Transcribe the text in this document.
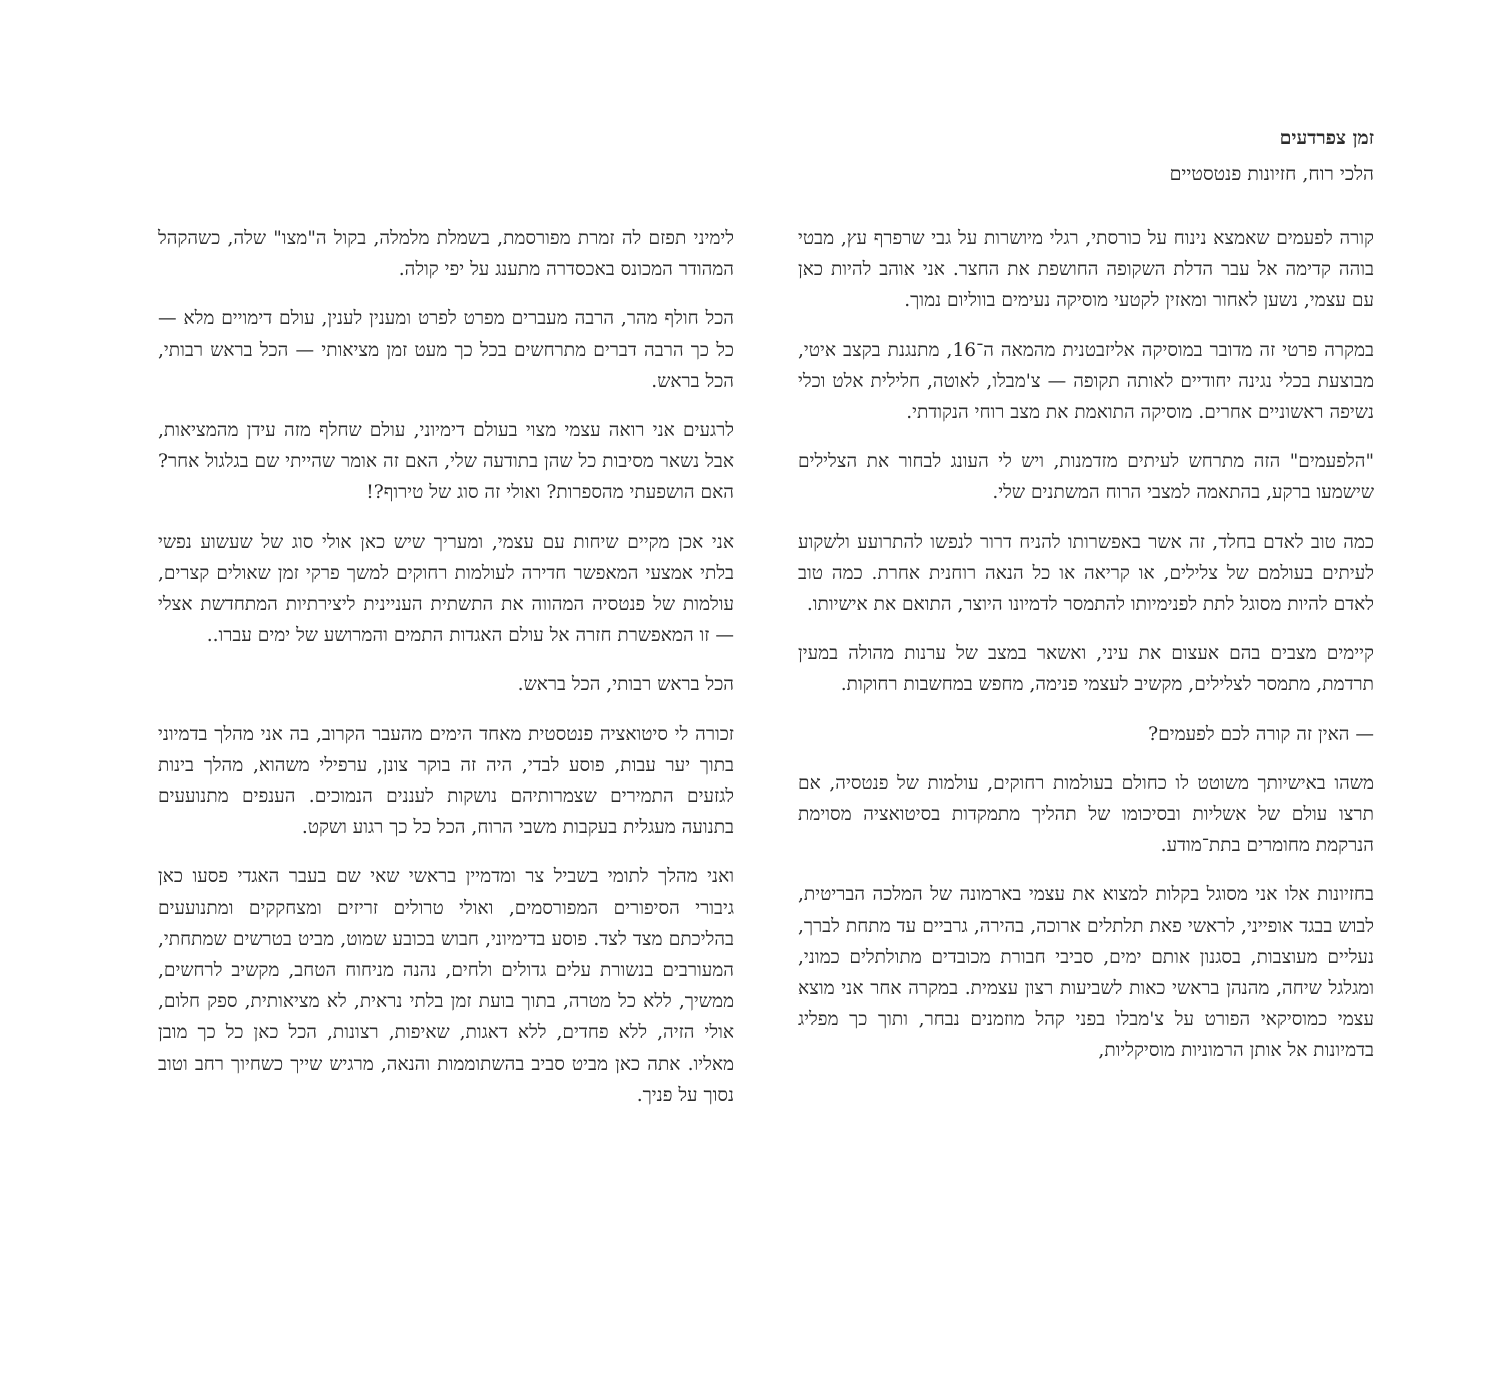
זמן צפרדעים

הלכי רוח, חזיונות פנטסטיים

קורה לפעמים שאמצא נינוח על כורסתי, רגלי מיושרות על גבי שרפרף עץ, מבטי בוהה קדימה אל עבר הדלת השקופה החושפת את החצר. אני אוהב להיות כאן עם עצמי, נשען לאחור ומאזין לקטעי מוסיקה נעימים בווליום נמוך.

במקרה פרטי זה מדובר במוסיקה אליזבטנית מהמאה ה־16, מתנגנת בקצב איטי, מבוצעת בכלי נגינה יחודיים לאותה תקופה — צ'מבלו, לאוטה, חלילית אלט וכלי נשיפה ראשוניים אחרים. מוסיקה התואמת את מצב רוחי הנקודתי.

"הלפעמים" הזה מתרחש לעיתים מזדמנות, ויש לי העונג לבחור את הצלילים שישמעו ברקע, בהתאמה למצבי הרוח המשתנים שלי.

כמה טוב לאדם בחלד, זה אשר באפשרותו להניח דרור לנפשו להתרועע ולשקוע לעיתים בעולמם של צלילים, או קריאה או כל הנאה רוחנית אחרת. כמה טוב לאדם להיות מסוגל לתת לפנימיותו להתמסר לדמיונו היוצר, התואם את אישיותו.

קיימים מצבים בהם אעצום את עיני, ואשאר במצב של ערנות מהולה במעין תרדמת, מתמסר לצלילים, מקשיב לעצמי פנימה, מחפש במחשבות רחוקות.

— האין זה קורה לכם לפעמים?

משהו באישיותך משוטט לו כחולם בעולמות רחוקים, עולמות של פנטסיה, אם תרצו עולם של אשליות ובסיכומו של תהליך מתמקדות בסיטואציה מסוימת הנרקמת מחומרים בתת־מודע.

בחזיונות אלו אני מסוגל בקלות למצוא את עצמי בארמונה של המלכה הבריטית, לבוש בבגד אופייני, לראשי פאת תלתלים ארוכה, בהירה, גרביים עד מתחת לברך, נעליים מעוצבות, בסגנון אותם ימים, סביבי חבורת מכובדים מתולתלים כמוני, ומגלגל שיחה, מהנהן בראשי כאות לשביעות רצון עצמית. במקרה אחר אני מוצא עצמי כמוסיקאי הפורט על צ'מבלו בפני קהל מוזמנים נבחר, ותוך כך מפליג בדמיונות אל אותן הרמוניות מוסיקליות,

לימיני תפזם לה זמרת מפורסמת, בשמלת מלמלה, בקול ה"מצו" שלה, כשהקהל המהודר המכונס באכסדרה מתענג על יפי קולה.

הכל חולף מהר, הרבה מעברים מפרט לפרט ומענין לענין, עולם דימויים מלא — כל כך הרבה דברים מתרחשים בכל כך מעט זמן מציאותי — הכל בראש רבותי, הכל בראש.

לרגעים אני רואה עצמי מצוי בעולם דימיוני, עולם שחלף מזה עידן מהמציאות, אבל נשאר מסיבות כל שהן בתודעה שלי, האם זה אומר שהייתי שם בגלגול אחר? האם הושפעתי מהספרות? ואולי זה סוג של טירוף?!

אני אכן מקיים שיחות עם עצמי, ומעריך שיש כאן אולי סוג של שעשוע נפשי בלתי אמצעי המאפשר חדירה לעולמות רחוקים למשך פרקי זמן שאולים קצרים, עולמות של פנטסיה המהווה את התשתית העניינית ליצירתיות המתחדשת אצלי — זו המאפשרת חזרה אל עולם האגדות התמים והמרושע של ימים עברו..

הכל בראש רבותי, הכל בראש.

זכורה לי סיטואציה פנטסטית מאחד הימים מהעבר הקרוב, בה אני מהלך בדמיוני בתוך יער עבות, פוסע לבדי, היה זה בוקר צונן, ערפילי משהוא, מהלך בינות לגזעים התמירים שצמרותיהם נושקות לעננים הנמוכים. הענפים מתנועעים בתנועה מעגלית בעקבות משבי הרוח, הכל כל כך רגוע ושקט.

ואני מהלך לתומי בשביל צר ומדמיין בראשי שאי שם בעבר האגדי פסעו כאן גיבורי הסיפורים המפורסמים, ואולי טרולים זריזים ומצחקקים ומתנועעים בהליכתם מצד לצד. פוסע בדימיוני, חבוש בכובע שמוט, מביט בטרשים שמתחתי, המעורבים בנשורת עלים גדולים ולחים, נהנה מניחוח הטחב, מקשיב לרחשים, ממשיך, ללא כל מטרה, בתוך בועת זמן בלתי נראית, לא מציאותית, ספק חלום, אולי הזיה, ללא פחדים, ללא דאגות, שאיפות, רצונות, הכל כאן כל כך מובן מאליו. אתה כאן מביט סביב בהשתוממות והנאה, מרגיש שייך כשחיוך רחב וטוב נסוך על פניך.
